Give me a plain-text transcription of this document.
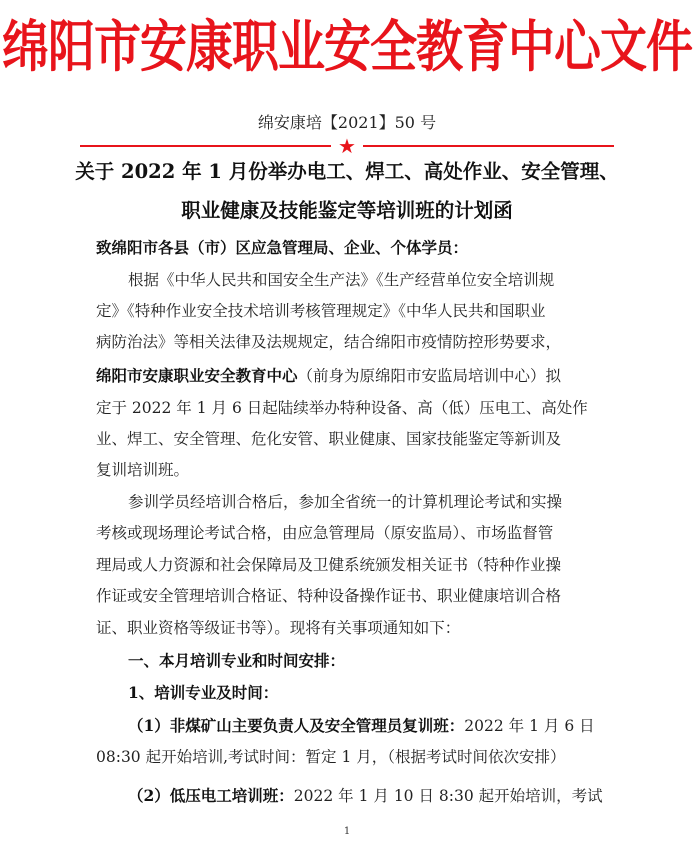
绵阳市安康职业安全教育中心文件
绵安康培【2021】50 号
★
关于 2022 年 1 月份举办电工、焊工、高处作业、安全管理、
职业健康及技能鉴定等培训班的计划函
致绵阳市各县（市）区应急管理局、企业、个体学员：
根据《中华人民共和国安全生产法》《生产经营单位安全培训规
定》《特种作业安全技术培训考核管理规定》《中华人民共和国职业
病防治法》等相关法律及法规规定，结合绵阳市疫情防控形势要求，
绵阳市安康职业安全教育中心（前身为原绵阳市安监局培训中心）拟
定于 2022 年 1 月 6 日起陆续举办特种设备、高（低）压电工、高处作
业、焊工、安全管理、危化安管、职业健康、国家技能鉴定等新训及
复训培训班。
参训学员经培训合格后，参加全省统一的计算机理论考试和实操
考核或现场理论考试合格，由应急管理局（原安监局）、市场监督管
理局或人力资源和社会保障局及卫健系统颁发相关证书（特种作业操
作证或安全管理培训合格证、特种设备操作证书、职业健康培训合格
证、职业资格等级证书等）。现将有关事项通知如下：
一、本月培训专业和时间安排：
1、培训专业及时间：
（1）非煤矿山主要负责人及安全管理员复训班：2022 年 1 月 6 日
08:30 起开始培训,考试时间：暂定 1 月，（根据考试时间依次安排）
（2）低压电工培训班：2022 年 1 月 10 日 8:30 起开始培训，考试
1
